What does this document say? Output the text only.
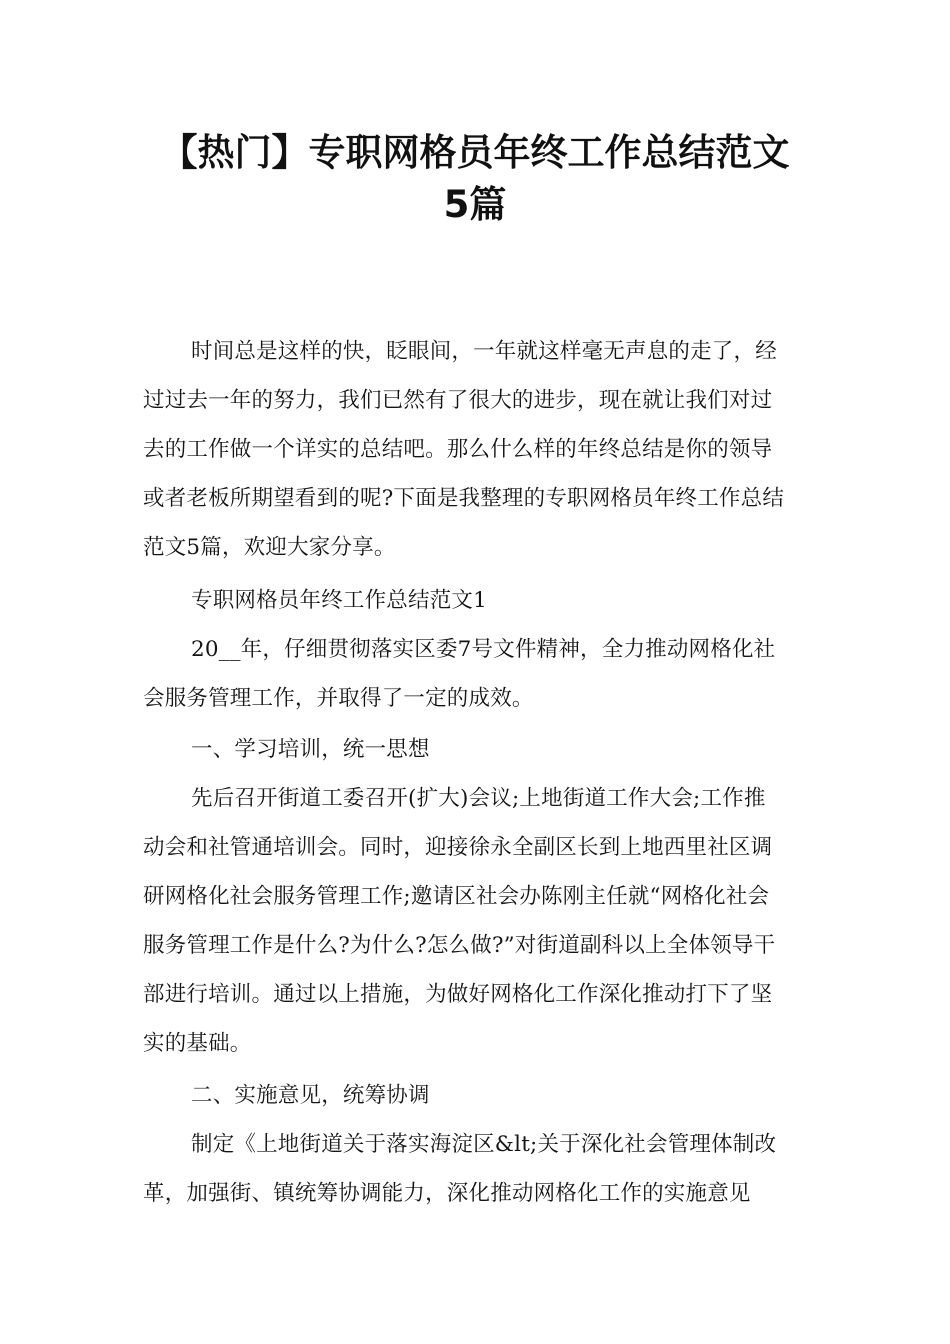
【热门】专职网格员年终工作总结范文
5篇
时间总是这样的快，眨眼间，一年就这样毫无声息的走了，经
过过去一年的努力，我们已然有了很大的进步，现在就让我们对过
去的工作做一个详实的总结吧。那么什么样的年终总结是你的领导
或者老板所期望看到的呢?下面是我整理的专职网格员年终工作总结
范文5篇，欢迎大家分享。
专职网格员年终工作总结范文1
20__年，仔细贯彻落实区委7号文件精神，全力推动网格化社
会服务管理工作，并取得了一定的成效。
一、学习培训，统一思想
先后召开街道工委召开(扩大)会议;上地街道工作大会;工作推
动会和社管通培训会。同时，迎接徐永全副区长到上地西里社区调
研网格化社会服务管理工作;邀请区社会办陈刚主任就“网格化社会
服务管理工作是什么?为什么?怎么做?”对街道副科以上全体领导干
部进行培训。通过以上措施，为做好网格化工作深化推动打下了坚
实的基础。
二、实施意见，统筹协调
制定《上地街道关于落实海淀区&lt;关于深化社会管理体制改
革，加强街、镇统筹协调能力，深化推动网格化工作的实施意见
